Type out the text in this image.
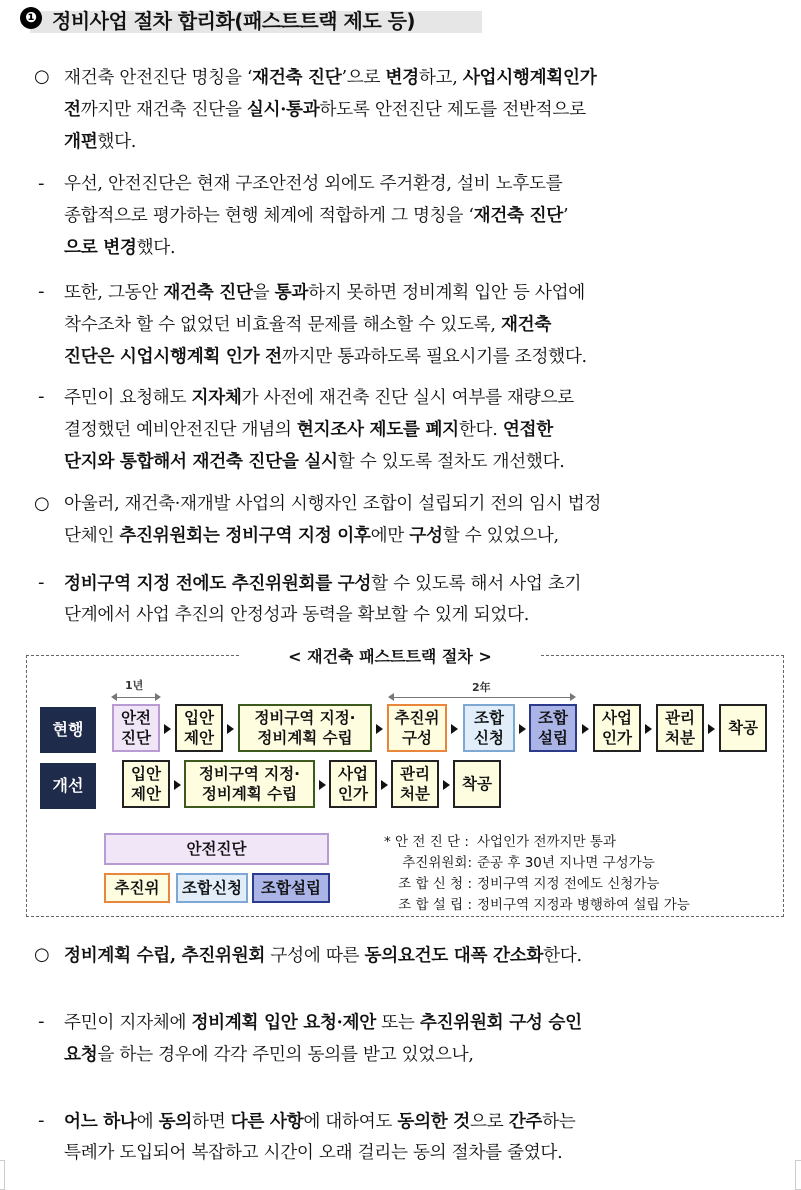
❶ 정비사업 절차 합리화(패스트트랙 제도 등)
○
-
-
-
○
-
○
-
-
재건축 안전진단 명칭을 ‘재건축 진단’으로 변경하고, 사업시행계획인가
전까지만 재건축 진단을 실시·통과하도록 안전진단 제도를 전반적으로
개편했다.
우선, 안전진단은 현재 구조안전성 외에도 주거환경, 설비 노후도를
종합적으로 평가하는 현행 체계에 적합하게 그 명칭을 ‘재건축 진단’
으로 변경했다.
또한, 그동안 재건축 진단을 통과하지 못하면 정비계획 입안 등 사업에
착수조차 할 수 없었던 비효율적 문제를 해소할 수 있도록, 재건축
진단은 시업시행계획 인가 전까지만 통과하도록 필요시기를 조정했다.
주민이 요청해도 지자체가 사전에 재건축 진단 실시 여부를 재량으로
결정했던 예비안전진단 개념의 현지조사 제도를 폐지한다. 연접한
단지와 통합해서 재건축 진단을 실시할 수 있도록 절차도 개선했다.
아울러, 재건축·재개발 사업의 시행자인 조합이 설립되기 전의 임시 법정
단체인 추진위원회는 정비구역 지정 이후에만 구성할 수 있었으나,
정비구역 지정 전에도 추진위원회를 구성할 수 있도록 해서 사업 초기
단계에서 사업 추진의 안정성과 동력을 확보할 수 있게 되었다.
< 재건축 패스트트랙 절차 >
1년	2年
현행
개선
안전
진단
입안
제안
정비구역 지정·
정비계획 수립
추진위
구성
조합
신청
조합
설립
사업
인가
관리
처분
착공
입안
제안
정비구역 지정·
정비계획 수립
사업
인가
관리
처분
착공
안전진단
추진위	조합신청	조합설립
* 안 전 진 단 : 사업인가 전까지만 통과
추진위원회: 준공 후 30년 지나면 구성가능
조 합 신 청 : 정비구역 지정 전에도 신청가능
조 합 설 립 : 정비구역 지정과 병행하여 설립 가능
정비계획 수립, 추진위원회 구성에 따른 동의요건도 대폭 간소화한다.
주민이 지자체에 정비계획 입안 요청·제안 또는 추진위원회 구성 승인
요청을 하는 경우에 각각 주민의 동의를 받고 있었으나,
어느 하나에 동의하면 다른 사항에 대하여도 동의한 것으로 간주하는
특례가 도입되어 복잡하고 시간이 오래 걸리는 동의 절차를 줄였다.
